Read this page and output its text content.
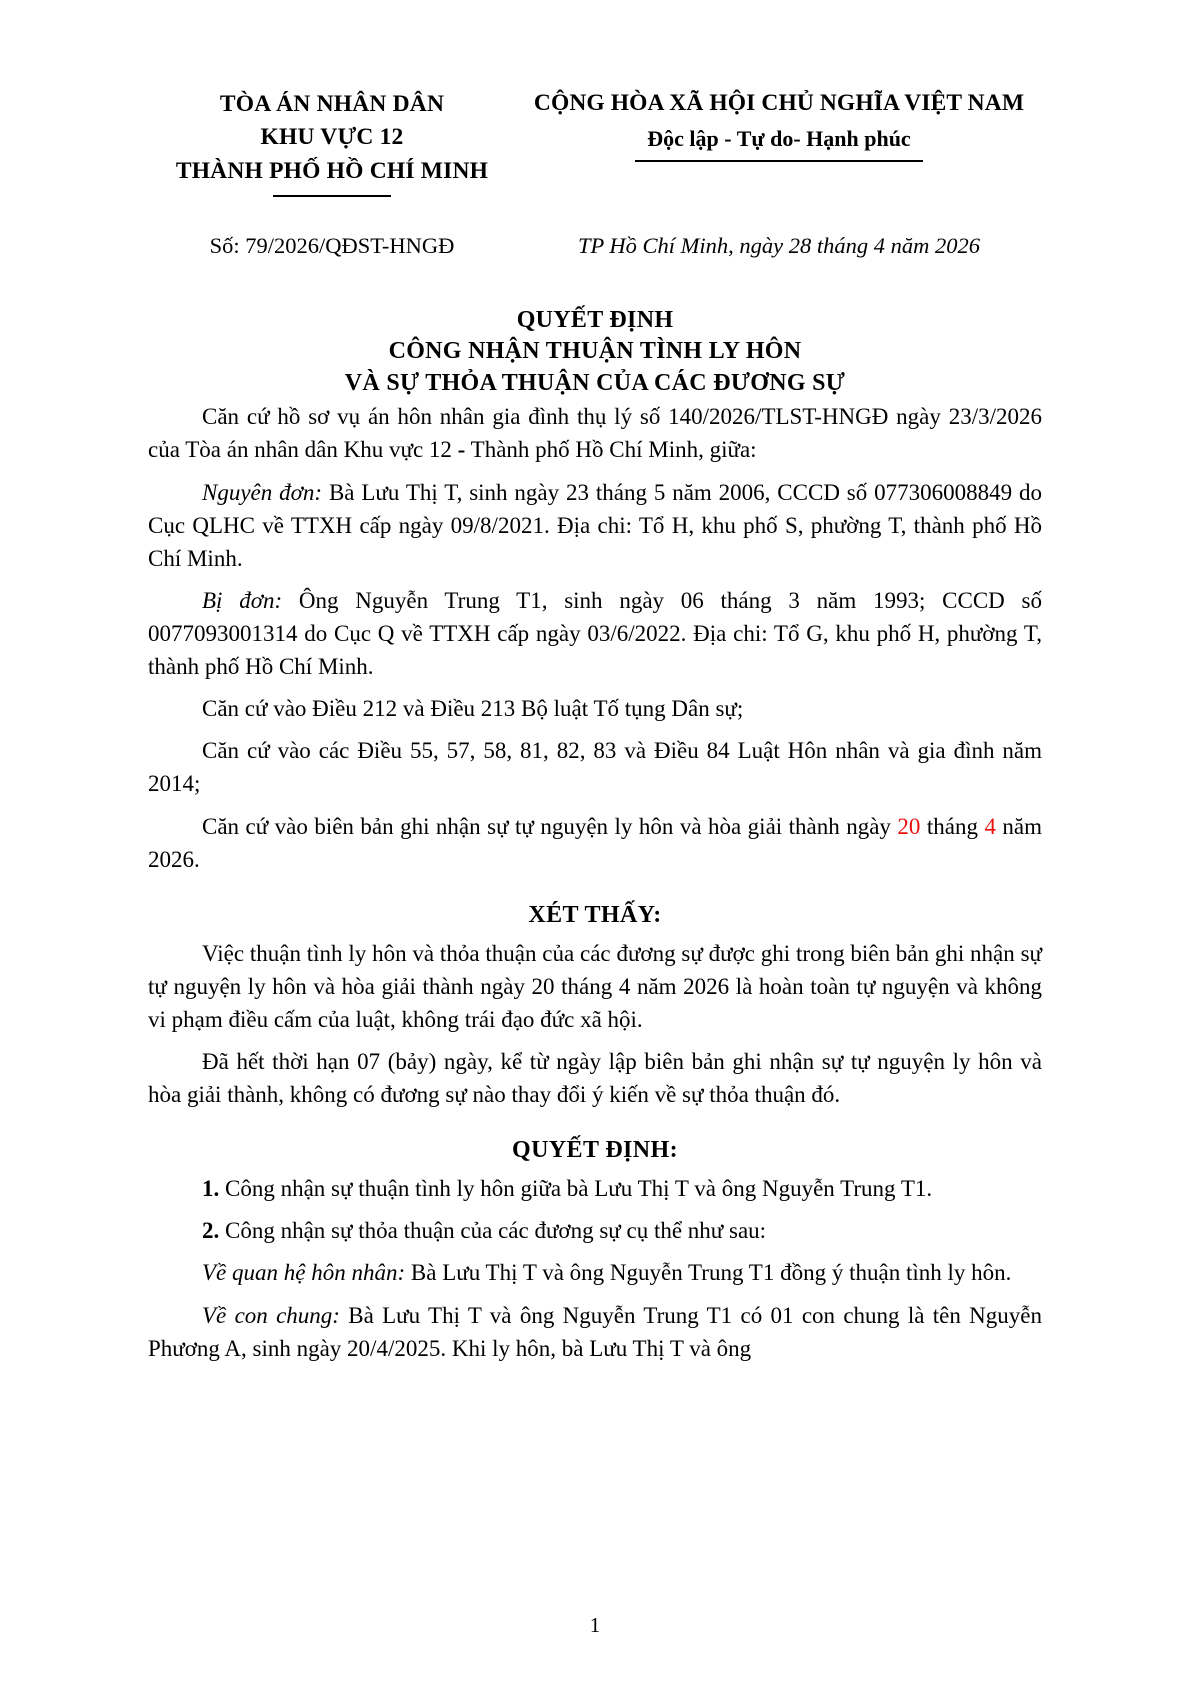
TÒA ÁN NHÂN DÂN
KHU VỰC 12
THÀNH PHỐ HỒ CHÍ MINH
CỘNG HÒA XÃ HỘI CHỦ NGHĨA VIỆT NAM
Độc lập - Tự do- Hạnh phúc
Số: 79/2026/QĐST-HNGĐ	TP Hồ Chí Minh, ngày 28 tháng 4 năm 2026
QUYẾT ĐỊNH
CÔNG NHẬN THUẬN TÌNH LY HÔN
VÀ SỰ THỎA THUẬN CỦA CÁC ĐƯƠNG SỰ

Căn cứ hồ sơ vụ án hôn nhân gia đình thụ lý số 140/2026/TLST-HNGĐ ngày 23/3/2026 của Tòa án nhân dân Khu vực 12 - Thành phố Hồ Chí Minh, giữa:

Nguyên đơn: Bà Lưu Thị T, sinh ngày 23 tháng 5 năm 2006, CCCD số 077306008849 do Cục QLHC về TTXH cấp ngày 09/8/2021. Địa chi: Tổ H, khu phố S, phường T, thành phố Hồ Chí Minh.

Bị đơn: Ông Nguyễn Trung T1, sinh ngày 06 tháng 3 năm 1993; CCCD số 0077093001314 do Cục Q về TTXH cấp ngày 03/6/2022. Địa chi: Tổ G, khu phố H, phường T, thành phố Hồ Chí Minh.

Căn cứ vào Điều 212 và Điều 213 Bộ luật Tố tụng Dân sự;

Căn cứ vào các Điều 55, 57, 58, 81, 82, 83 và Điều 84 Luật Hôn nhân và gia đình năm 2014;

Căn cứ vào biên bản ghi nhận sự tự nguyện ly hôn và hòa giải thành ngày 20 tháng 4 năm 2026.

XÉT THẤY:

Việc thuận tình ly hôn và thỏa thuận của các đương sự được ghi trong biên bản ghi nhận sự tự nguyện ly hôn và hòa giải thành ngày 20 tháng 4 năm 2026 là hoàn toàn tự nguyện và không vi phạm điều cấm của luật, không trái đạo đức xã hội.

Đã hết thời hạn 07 (bảy) ngày, kể từ ngày lập biên bản ghi nhận sự tự nguyện ly hôn và hòa giải thành, không có đương sự nào thay đổi ý kiến về sự thỏa thuận đó.

QUYẾT ĐỊNH:

1. Công nhận sự thuận tình ly hôn giữa bà Lưu Thị T và ông Nguyễn Trung T1.

2. Công nhận sự thỏa thuận của các đương sự cụ thể như sau:

Về quan hệ hôn nhân: Bà Lưu Thị T và ông Nguyễn Trung T1 đồng ý thuận tình ly hôn.

Về con chung: Bà Lưu Thị T và ông Nguyễn Trung T1 có 01 con chung là tên Nguyễn Phương A, sinh ngày 20/4/2025. Khi ly hôn, bà Lưu Thị T và ông

1
